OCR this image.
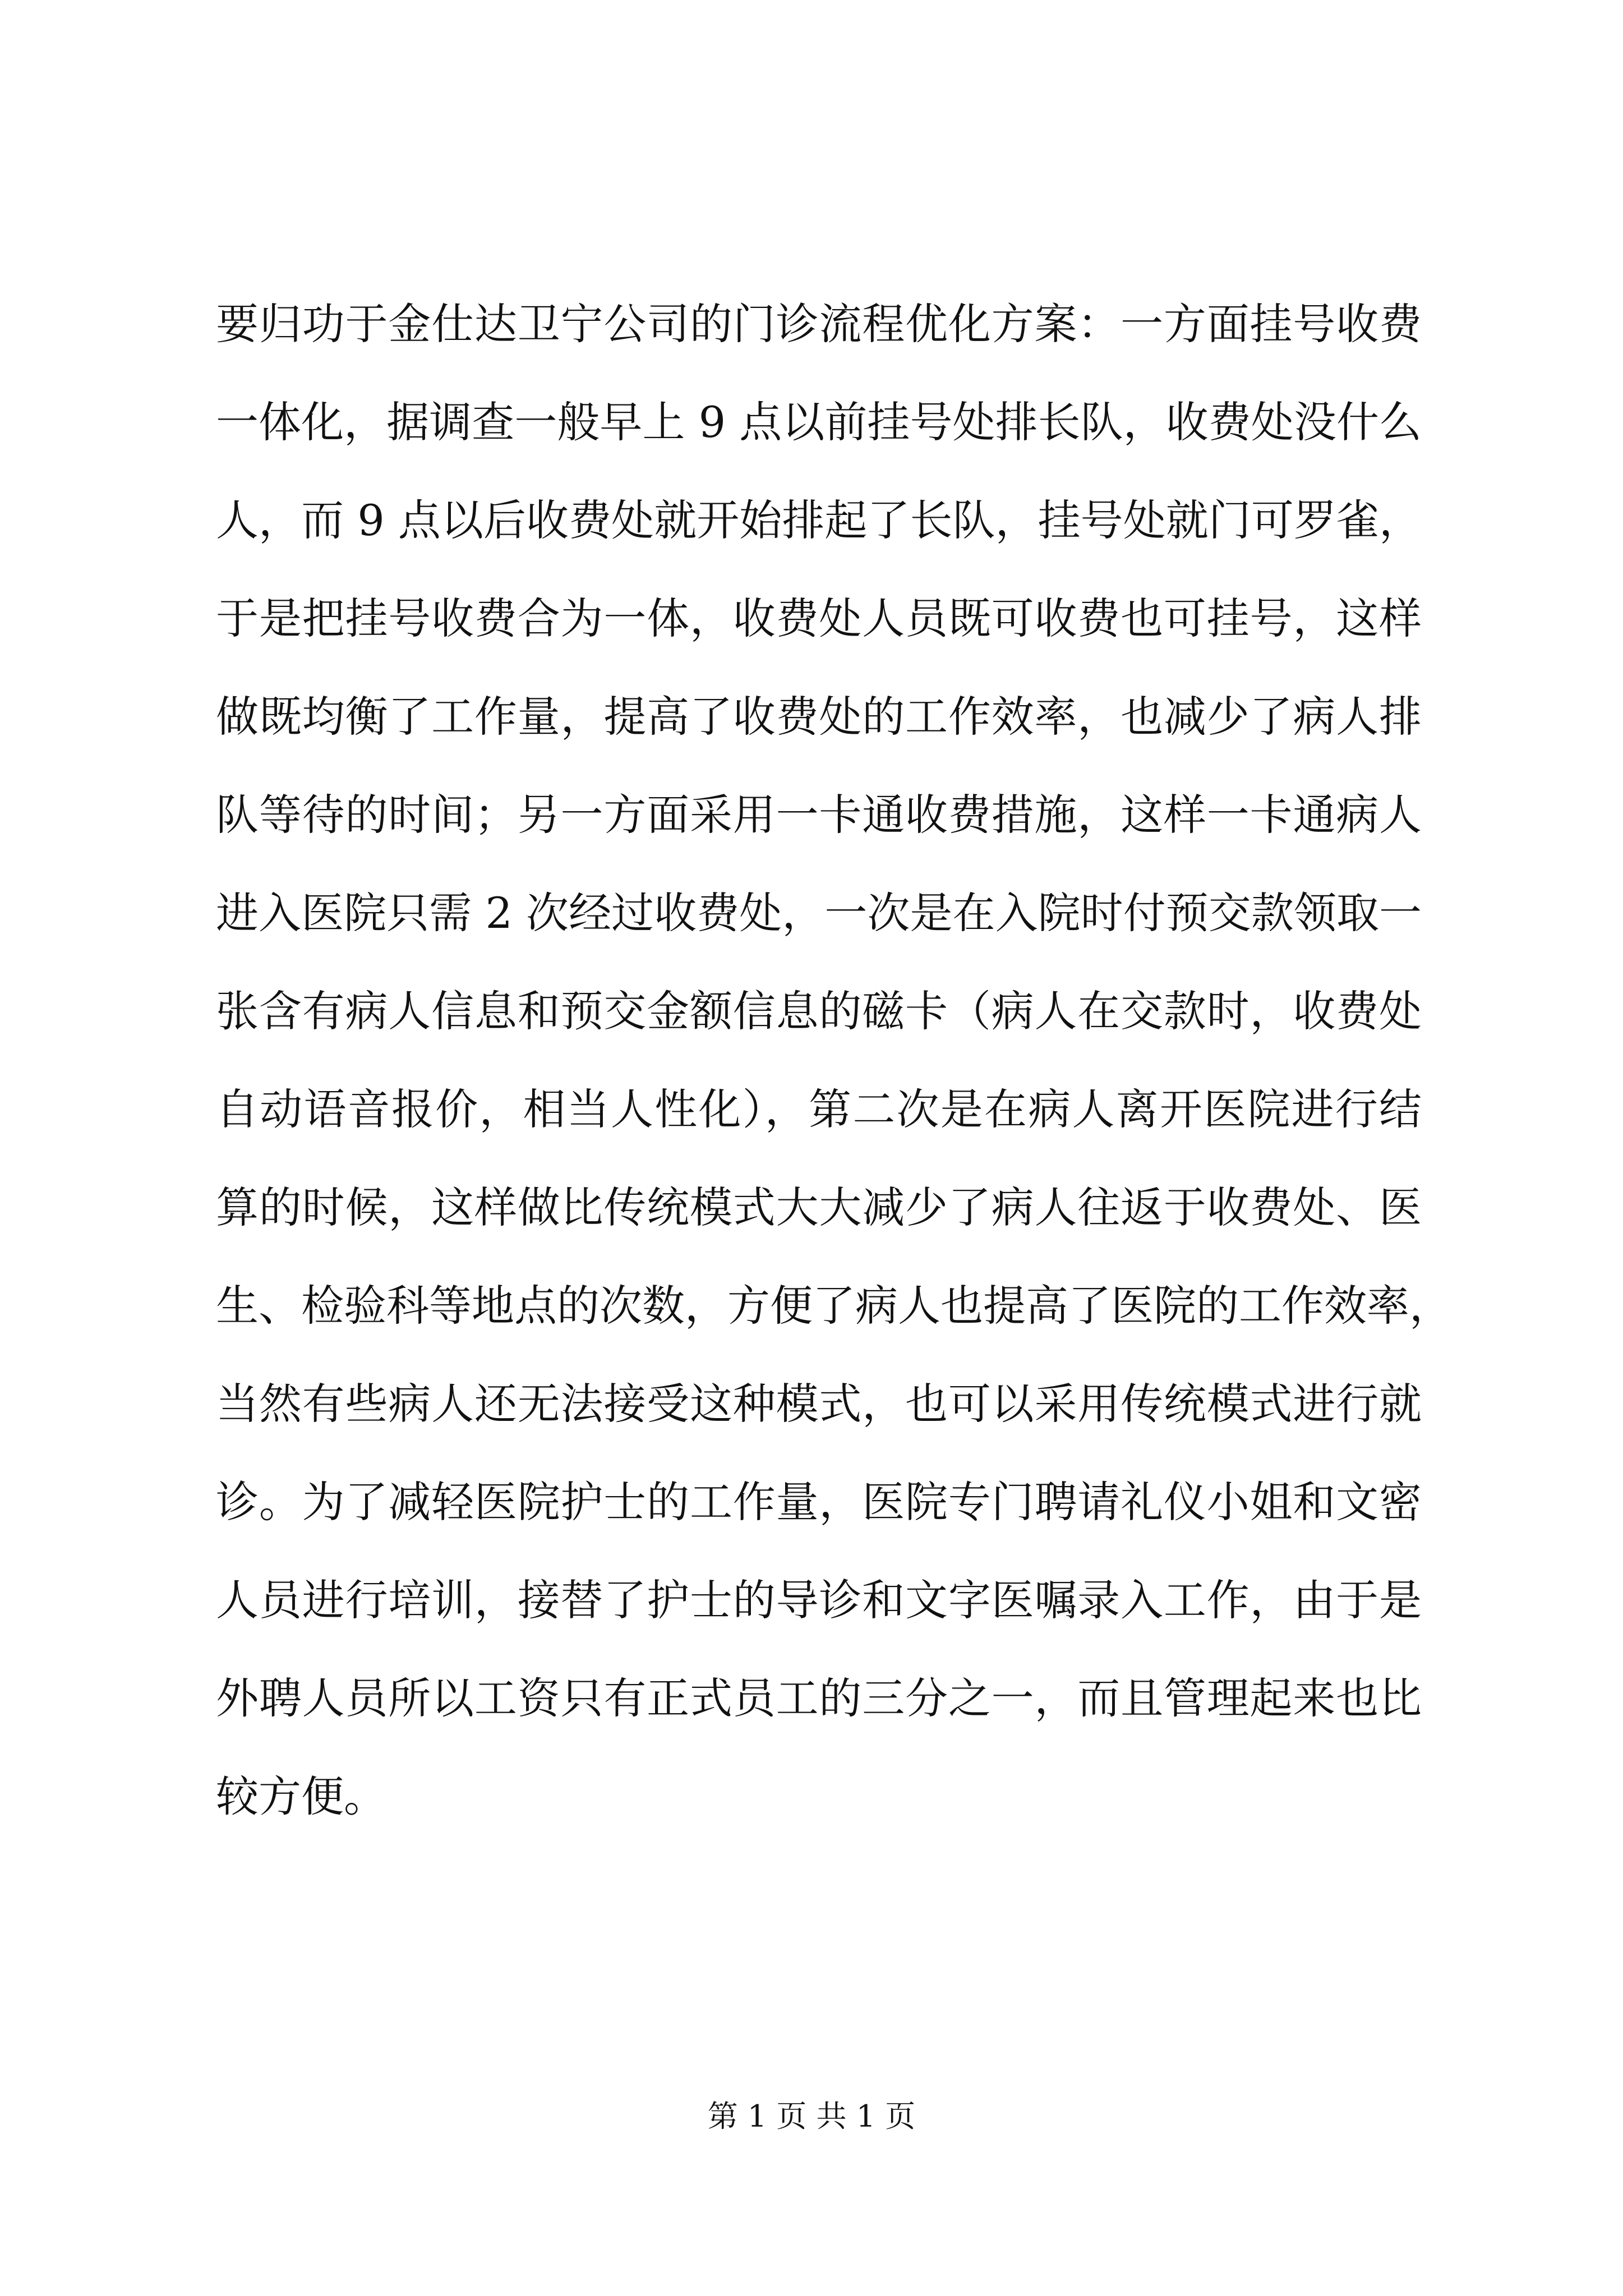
要归功于金仕达卫宁公司的门诊流程优化方案：一方面挂号收费
一体化，据调查一般早上 9 点以前挂号处排长队，收费处没什么
人，而 9 点以后收费处就开始排起了长队，挂号处就门可罗雀，
于是把挂号收费合为一体，收费处人员既可收费也可挂号，这样
做既均衡了工作量，提高了收费处的工作效率，也减少了病人排
队等待的时间；另一方面采用一卡通收费措施，这样一卡通病人
进入医院只需 2 次经过收费处，一次是在入院时付预交款领取一
张含有病人信息和预交金额信息的磁卡（病人在交款时，收费处
自动语音报价，相当人性化），第二次是在病人离开医院进行结
算的时候，这样做比传统模式大大减少了病人往返于收费处、医
生、检验科等地点的次数，方便了病人也提高了医院的工作效率，
当然有些病人还无法接受这种模式，也可以采用传统模式进行就
诊。为了减轻医院护士的工作量，医院专门聘请礼仪小姐和文密
人员进行培训，接替了护士的导诊和文字医嘱录入工作，由于是
外聘人员所以工资只有正式员工的三分之一，而且管理起来也比
较方便。
第 1 页 共 1 页
